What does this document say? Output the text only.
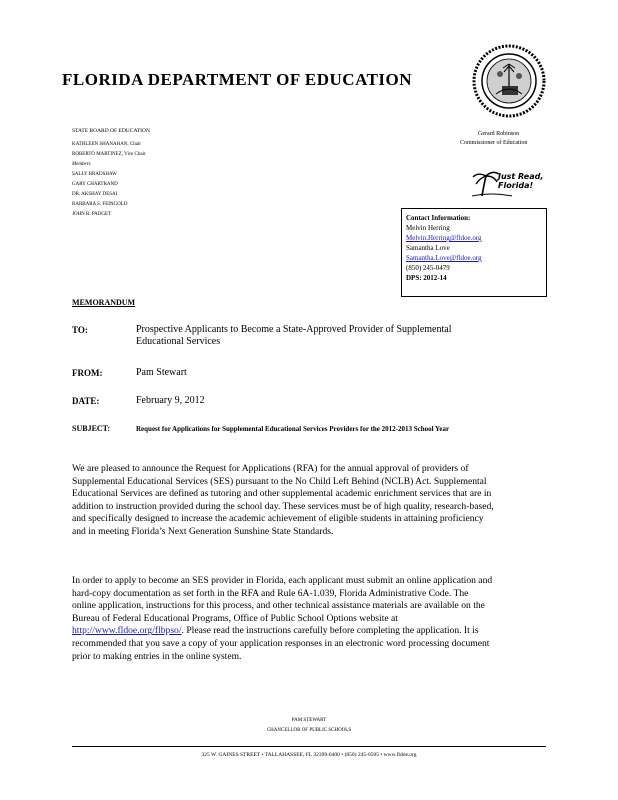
FLORIDA DEPARTMENT OF EDUCATION
STATE BOARD OF EDUCATION
KATHLEEN SHANAHAN, Chair
ROBERTO MARTINEZ, Vice Chair
Members
SALLY BRADSHAW
GARY CHARTRAND
DR. AKSHAY DESAI
BARBARA S. FEINGOLD
JOHN R. PADGET
Gerard Robinson
Commissioner of Education
Just Read, Florida!
Contact Information:
Melvin Herring
Melvin.Herring@fldoe.org
Samantha Love
Samantha.Love@fldoe.org
(850) 245-0479
DPS: 2012-14
MEMORANDUM
TO:	Prospective Applicants to Become a State-Approved Provider of Supplemental
Educational Services
FROM:	Pam Stewart
DATE:	February 9, 2012
SUBJECT:	Request for Applications for Supplemental Educational Services Providers for the 2012-2013 School Year

We are pleased to announce the Request for Applications (RFA) for the annual approval of providers of Supplemental Educational Services (SES) pursuant to the No Child Left Behind (NCLB) Act. Supplemental Educational Services are defined as tutoring and other supplemental academic enrichment services that are in addition to instruction provided during the school day. These services must be of high quality, research-based, and specifically designed to increase the academic achievement of eligible students in attaining proficiency and in meeting Florida’s Next Generation Sunshine State Standards.

In order to apply to become an SES provider in Florida, each applicant must submit an online application and hard-copy documentation as set forth in the RFA and Rule 6A-1.039, Florida Administrative Code. The online application, instructions for this process, and other technical assistance materials are available on the Bureau of Federal Educational Programs, Office of Public School Options website at http://www.fldoe.org/flbpso/. Please read the instructions carefully before completing the application. It is recommended that you save a copy of your application responses in an electronic word processing document prior to making entries in the online system.

PAM STEWART
CHANCELLOR OF PUBLIC SCHOOLS
325 W. GAINES STREET • TALLAHASSEE, FL 32399-0400 • (850) 245-0505 • www.fldoe.org
